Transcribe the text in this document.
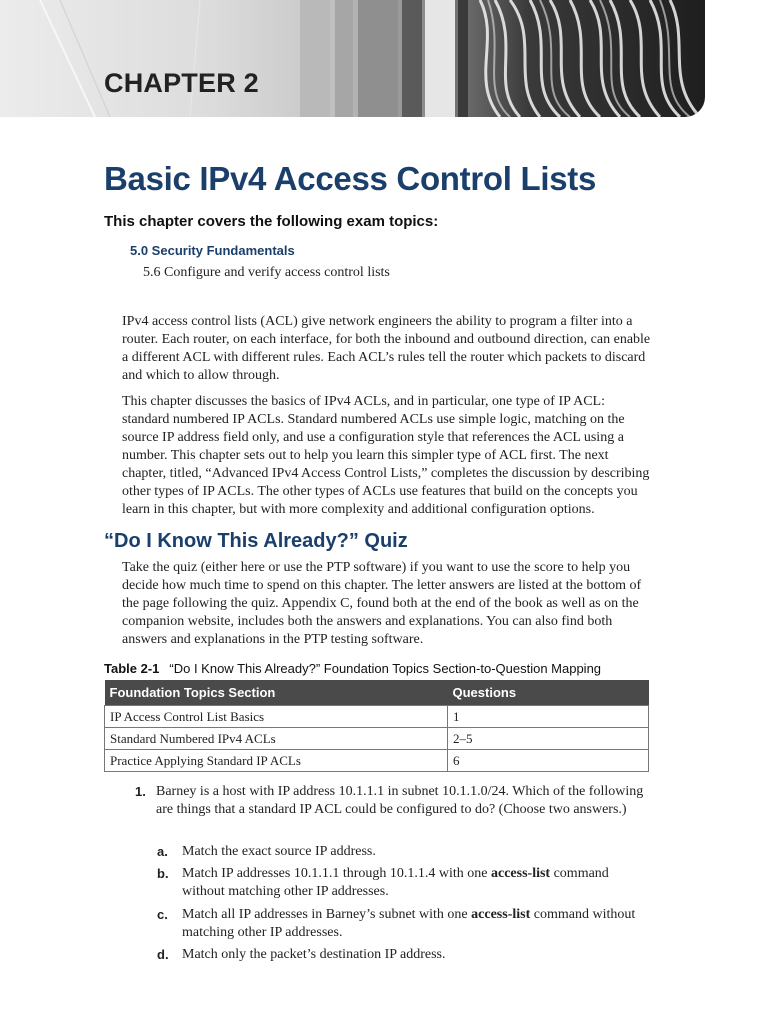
CHAPTER 2
Basic IPv4 Access Control Lists
This chapter covers the following exam topics:
5.0 Security Fundamentals
5.6 Configure and verify access control lists

IPv4 access control lists (ACL) give network engineers the ability to program a filter into a router. Each router, on each interface, for both the inbound and outbound direction, can enable a different ACL with different rules. Each ACL’s rules tell the router which packets to discard and which to allow through.

This chapter discusses the basics of IPv4 ACLs, and in particular, one type of IP ACL: standard numbered IP ACLs. Standard numbered ACLs use simple logic, matching on the source IP address field only, and use a configuration style that references the ACL using a number. This chapter sets out to help you learn this simpler type of ACL first. The next chapter, titled, “Advanced IPv4 Access Control Lists,” completes the discussion by describing other types of IP ACLs. The other types of ACLs use features that build on the concepts you learn in this chapter, but with more complexity and additional configuration options.

“Do I Know This Already?” Quiz

Take the quiz (either here or use the PTP software) if you want to use the score to help you decide how much time to spend on this chapter. The letter answers are listed at the bottom of the page following the quiz. Appendix C, found both at the end of the book as well as on the companion website, includes both the answers and explanations. You can also find both answers and explanations in the PTP testing software.

Table 2-1 “Do I Know This Already?” Foundation Topics Section-to-Question Mapping
Foundation Topics Section	Questions
IP Access Control List Basics	1
Standard Numbered IPv4 ACLs	2–5
Practice Applying Standard IP ACLs	6
1. Barney is a host with IP address 10.1.1.1 in subnet 10.1.1.0/24. Which of the following are things that a standard IP ACL could be configured to do? (Choose two answers.)
a. Match the exact source IP address.
b. Match IP addresses 10.1.1.1 through 10.1.1.4 with one access-list command without matching other IP addresses.
c. Match all IP addresses in Barney’s subnet with one access-list command without matching other IP addresses.
d. Match only the packet’s destination IP address.
